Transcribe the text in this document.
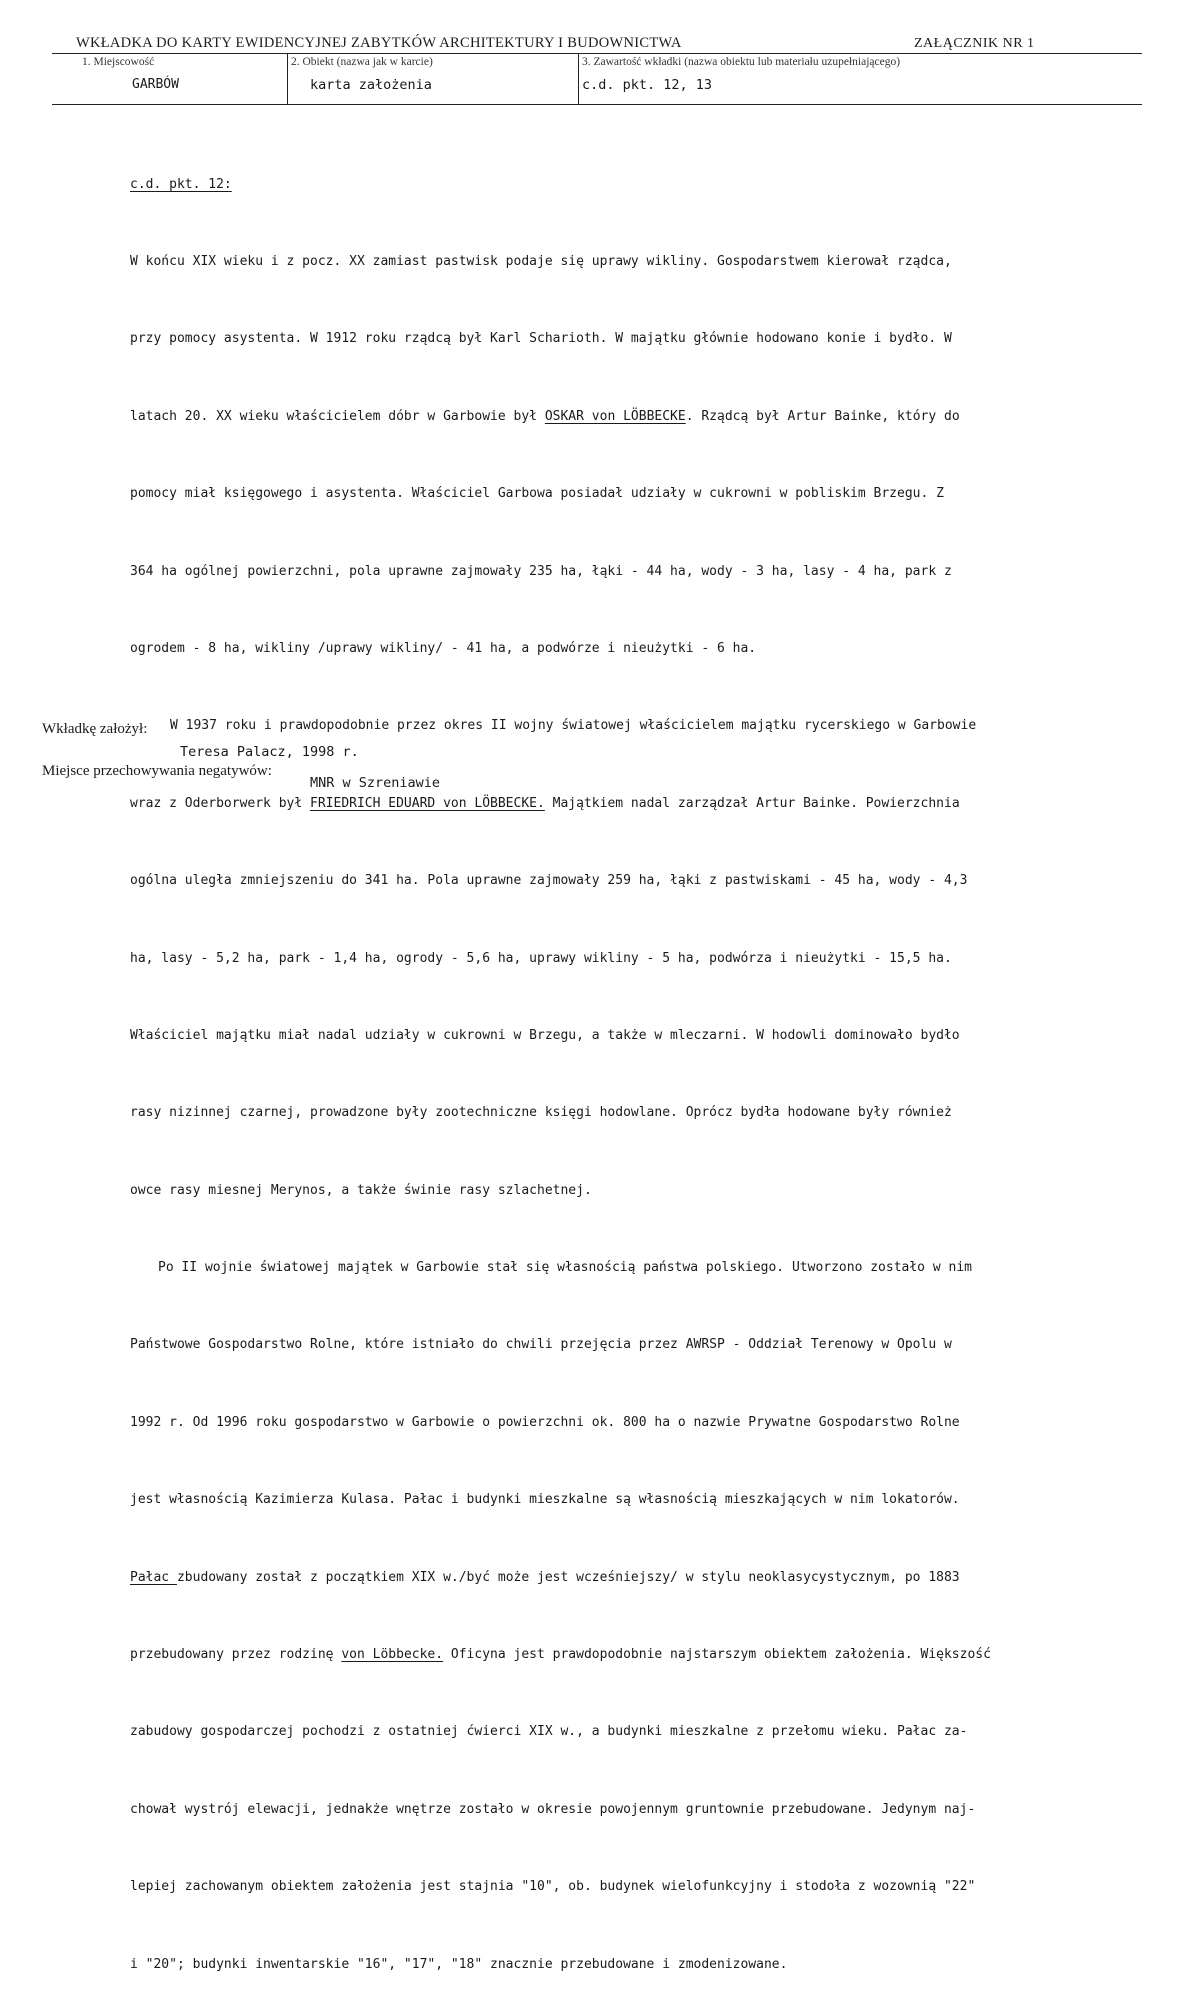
WKŁADKA DO KARTY EWIDENCYJNEJ ZABYTKÓW ARCHITEKTURY I BUDOWNICTWA	ZAŁĄCZNIK NR 1
1. Miejscowość
GARBÓW
2. Obiekt (nazwa jak w karcie)
karta założenia
3. Zawartość wkładki (nazwa obiektu lub materiału uzupełniającego)
c.d. pkt. 12, 13

c.d. pkt. 12:

W końcu XIX wieku i z pocz. XX zamiast pastwisk podaje się uprawy wikliny. Gospodarstwem kierował rządca,

przy pomocy asystenta. W 1912 roku rządcą był Karl Scharioth. W majątku głównie hodowano konie i bydło. W

latach 20. XX wieku właścicielem dóbr w Garbowie był OSKAR von LÖBBECKE. Rządcą był Artur Bainke, który do

pomocy miał księgowego i asystenta. Właściciel Garbowa posiadał udziały w cukrowni w pobliskim Brzegu. Z

364 ha ogólnej powierzchni, pola uprawne zajmowały 235 ha, łąki - 44 ha, wody - 3 ha, lasy - 4 ha, park z

ogrodem - 8 ha, wikliny /uprawy wikliny/ - 41 ha, a podwórze i nieużytki - 6 ha.

W 1937 roku i prawdopodobnie przez okres II wojny światowej właścicielem majątku rycerskiego w Garbowie

wraz z Oderborwerk był FRIEDRICH EDUARD von LÖBBECKE. Majątkiem nadal zarządzał Artur Bainke. Powierzchnia

ogólna uległa zmniejszeniu do 341 ha. Pola uprawne zajmowały 259 ha, łąki z pastwiskami - 45 ha, wody - 4,3

ha, lasy - 5,2 ha, park - 1,4 ha, ogrody - 5,6 ha, uprawy wikliny - 5 ha, podwórza i nieużytki - 15,5 ha.

Właściciel majątku miał nadal udziały w cukrowni w Brzegu, a także w mleczarni. W hodowli dominowało bydło

rasy nizinnej czarnej, prowadzone były zootechniczne księgi hodowlane. Oprócz bydła hodowane były również

owce rasy miesnej Merynos, a także świnie rasy szlachetnej.

Po II wojnie światowej majątek w Garbowie stał się własnością państwa polskiego. Utworzono zostało w nim

Państwowe Gospodarstwo Rolne, które istniało do chwili przejęcia przez AWRSP - Oddział Terenowy w Opolu w

1992 r. Od 1996 roku gospodarstwo w Garbowie o powierzchni ok. 800 ha o nazwie Prywatne Gospodarstwo Rolne

jest własnością Kazimierza Kulasa. Pałac i budynki mieszkalne są własnością mieszkających w nim lokatorów.

Pałac zbudowany został z początkiem XIX w./być może jest wcześniejszy/ w stylu neoklasycystycznym, po 1883

przebudowany przez rodzinę von Löbbecke. Oficyna jest prawdopodobnie najstarszym obiektem założenia. Większość

zabudowy gospodarczej pochodzi z ostatniej ćwierci XIX w., a budynki mieszkalne z przełomu wieku. Pałac za-

chował wystrój elewacji, jednakże wnętrze zostało w okresie powojennym gruntownie przebudowane. Jedynym naj-

lepiej zachowanym obiektem założenia jest stajnia "10", ob. budynek wielofunkcyjny i stodoła z wozownią "22"

i "20"; budynki inwentarskie "16", "17", "18" znacznie przebudowane i zmodenizowane.

Wkładkę założył:
Teresa Palacz, 1998 r.
Miejsce przechowywania negatywów:
MNR w Szreniawie
